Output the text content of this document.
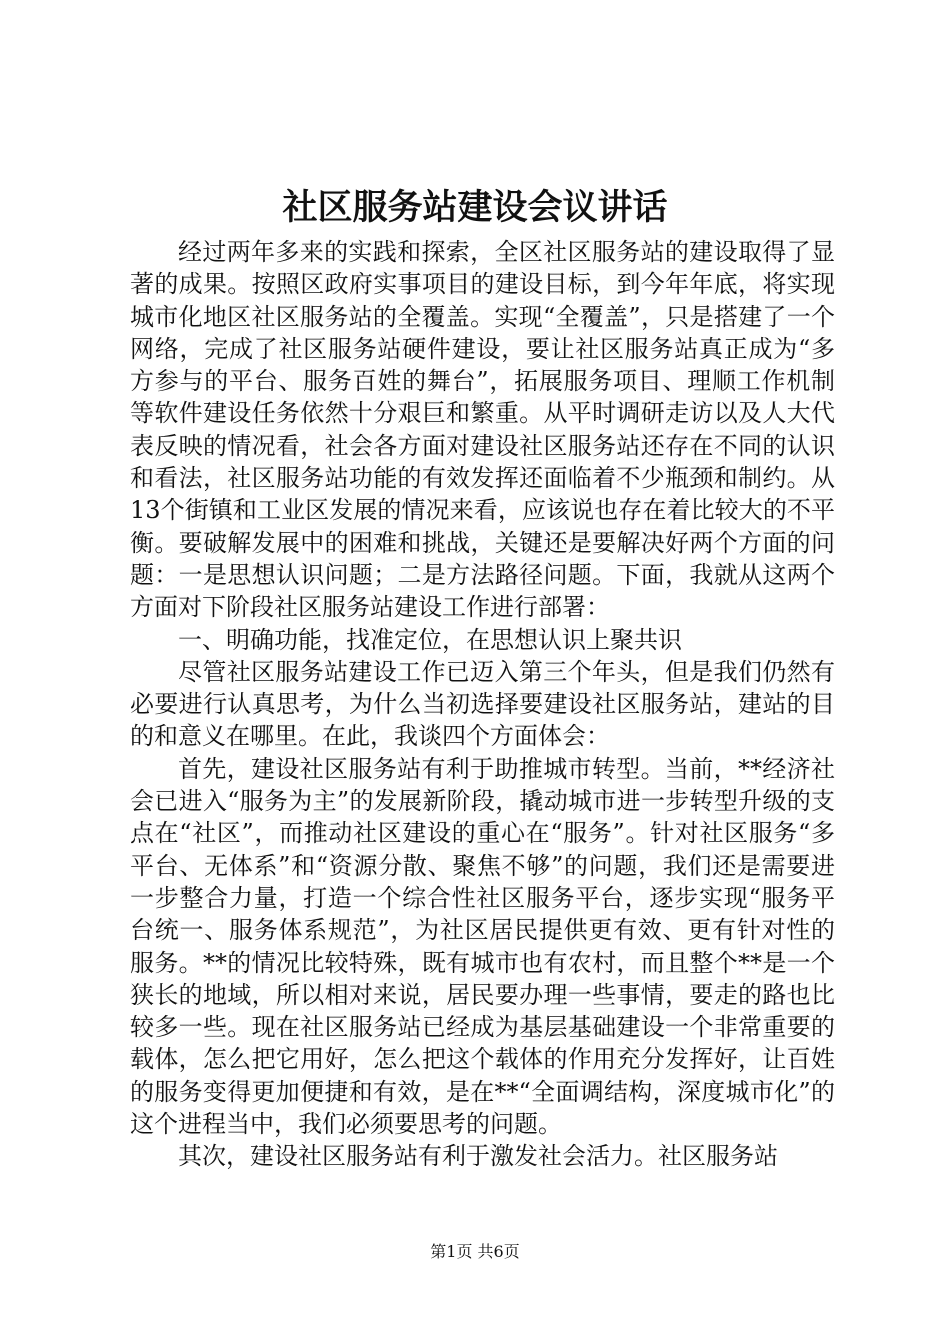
社区服务站建设会议讲话

经过两年多来的实践和探索，全区社区服务站的建设取得了显著的成果。按照区政府实事项目的建设目标，到今年年底，将实现城市化地区社区服务站的全覆盖。实现“全覆盖”，只是搭建了一个网络，完成了社区服务站硬件建设，要让社区服务站真正成为“多方参与的平台、服务百姓的舞台”，拓展服务项目、理顺工作机制等软件建设任务依然十分艰巨和繁重。从平时调研走访以及人大代表反映的情况看，社会各方面对建设社区服务站还存在不同的认识和看法，社区服务站功能的有效发挥还面临着不少瓶颈和制约。从13个街镇和工业区发展的情况来看，应该说也存在着比较大的不平衡。要破解发展中的困难和挑战，关键还是要解决好两个方面的问题：一是思想认识问题；二是方法路径问题。下面，我就从这两个方面对下阶段社区服务站建设工作进行部署：

一、明确功能，找准定位，在思想认识上聚共识

尽管社区服务站建设工作已迈入第三个年头，但是我们仍然有必要进行认真思考，为什么当初选择要建设社区服务站，建站的目的和意义在哪里。在此，我谈四个方面体会：

首先，建设社区服务站有利于助推城市转型。当前，**经济社会已进入“服务为主”的发展新阶段，撬动城市进一步转型升级的支点在“社区”，而推动社区建设的重心在“服务”。针对社区服务“多平台、无体系”和“资源分散、聚焦不够”的问题，我们还是需要进一步整合力量，打造一个综合性社区服务平台，逐步实现“服务平台统一、服务体系规范”，为社区居民提供更有效、更有针对性的服务。**的情况比较特殊，既有城市也有农村，而且整个**是一个狭长的地域，所以相对来说，居民要办理一些事情，要走的路也比较多一些。现在社区服务站已经成为基层基础建设一个非常重要的载体，怎么把它用好，怎么把这个载体的作用充分发挥好，让百姓的服务变得更加便捷和有效，是在**“全面调结构，深度城市化”的这个进程当中，我们必须要思考的问题。

其次，建设社区服务站有利于激发社会活力。社区服务站

第1页 共6页
